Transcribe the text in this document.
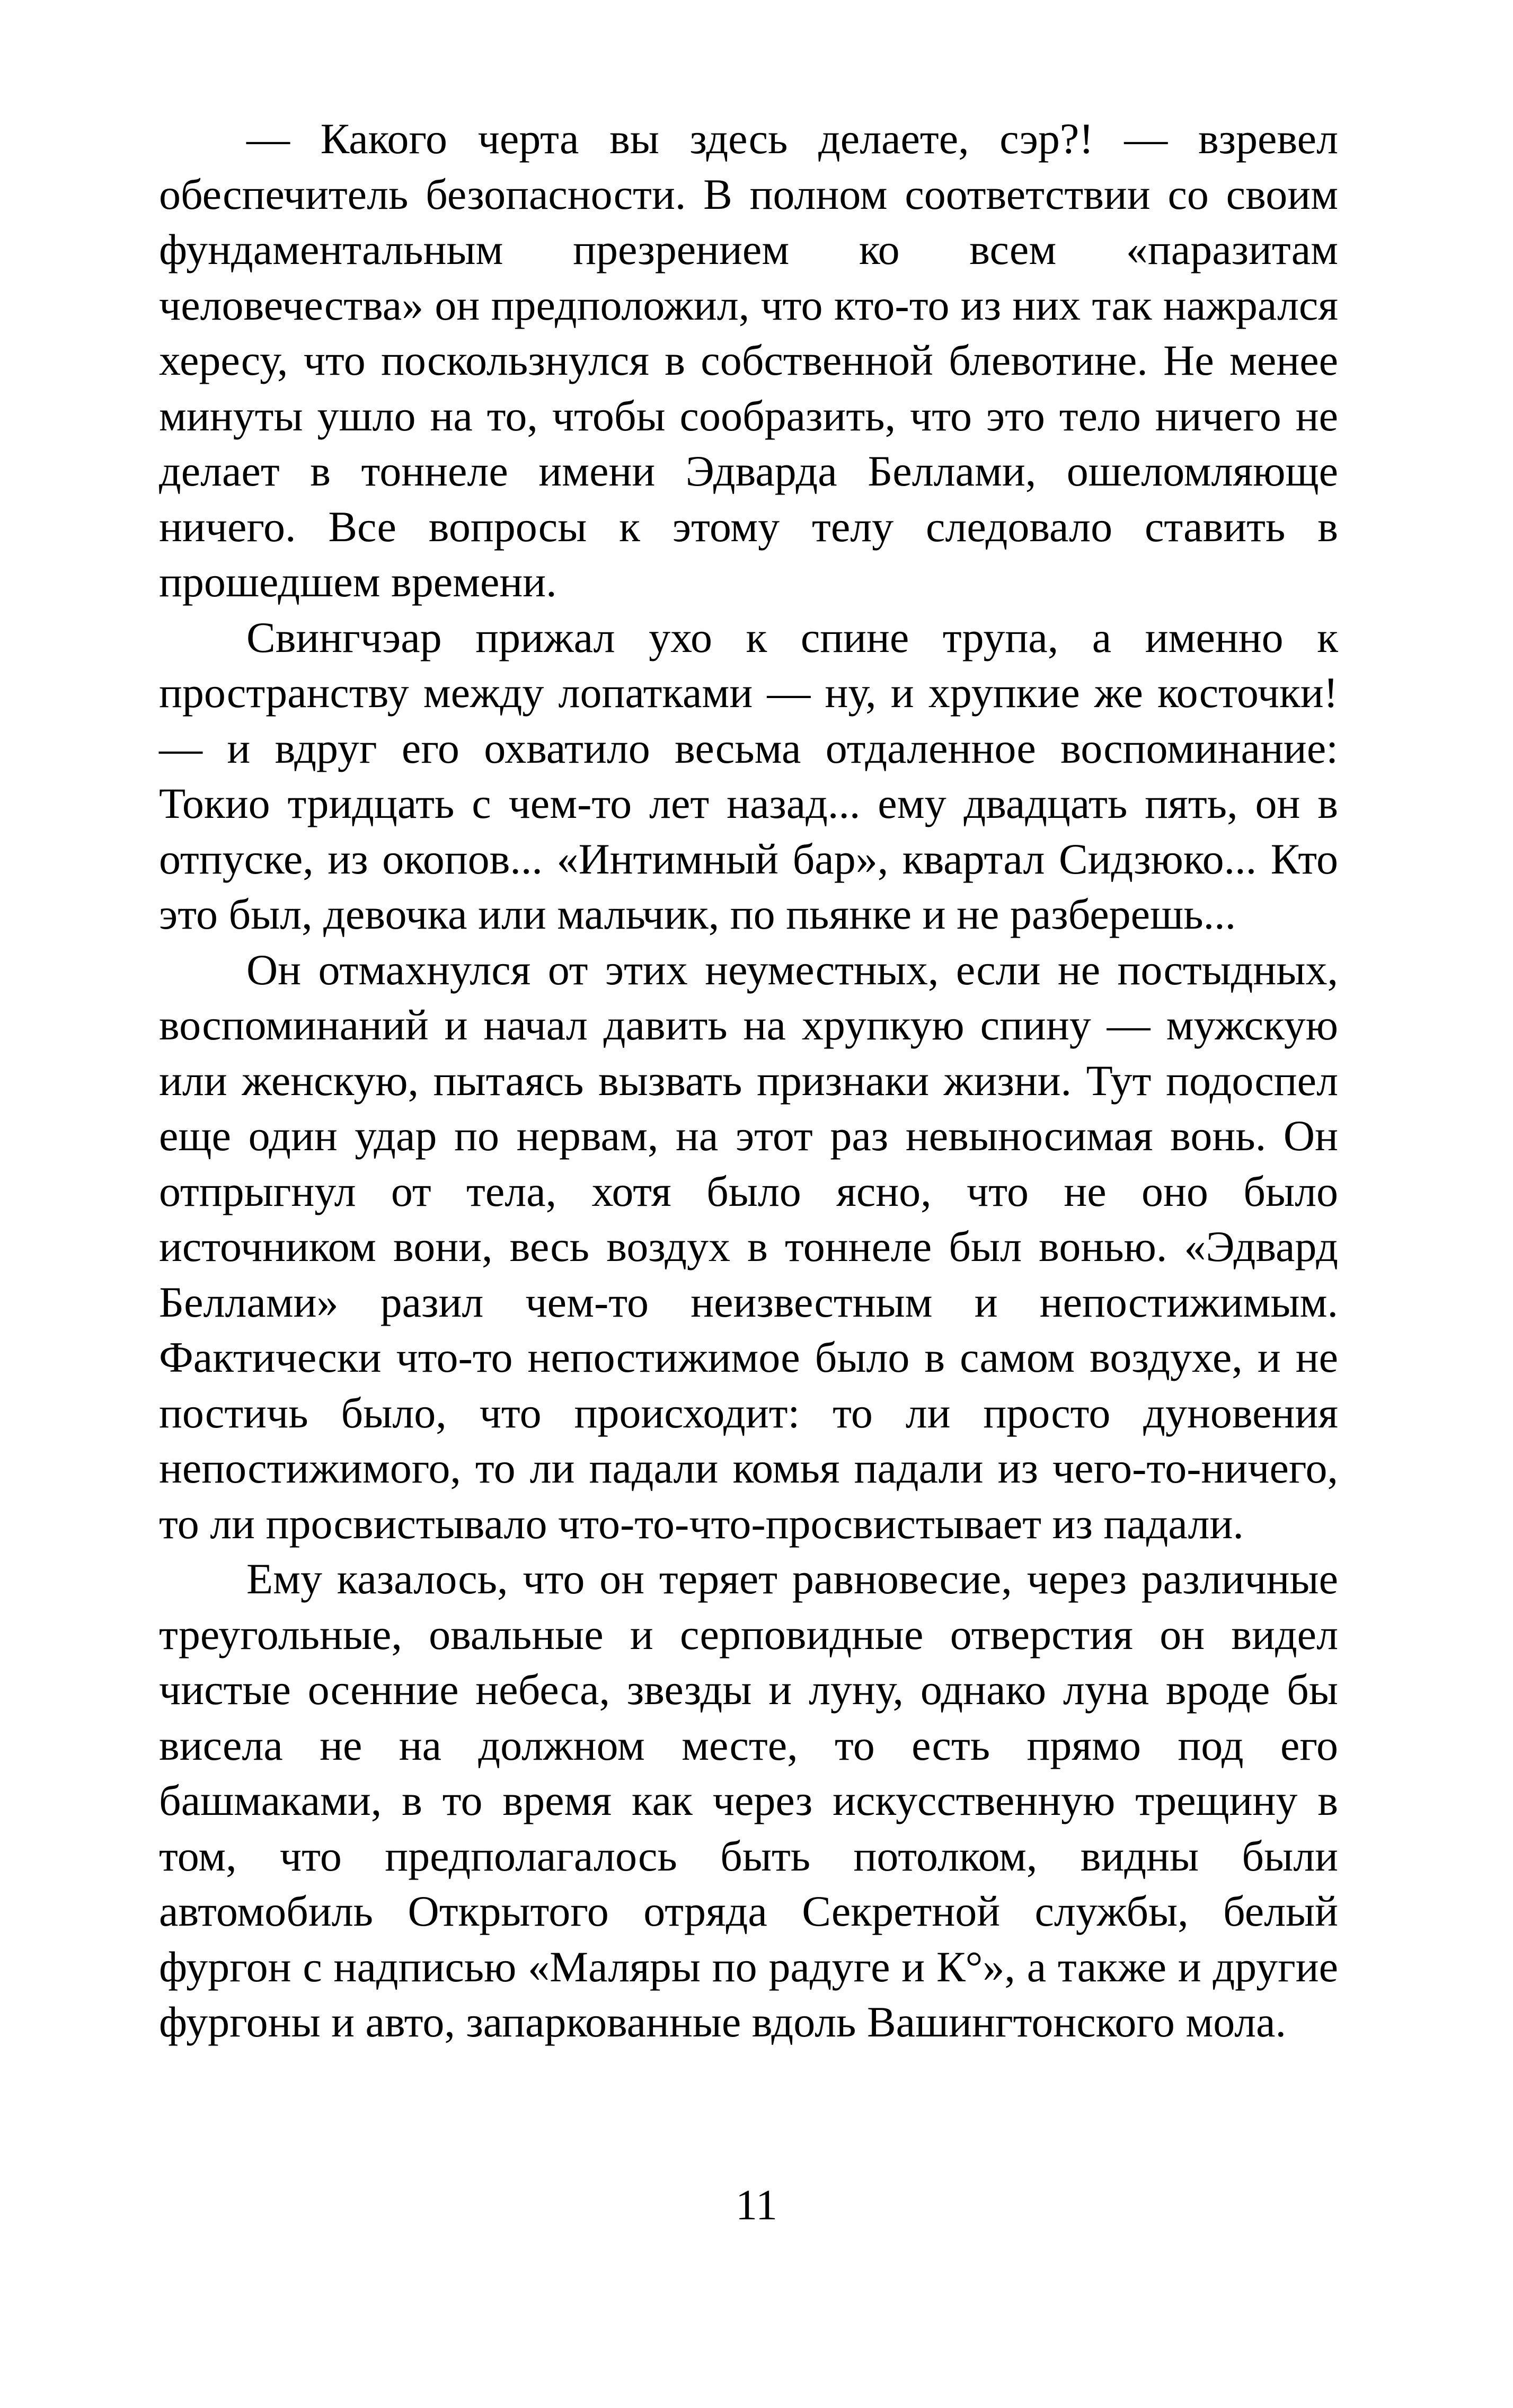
— Какого черта вы здесь делаете, сэр?! — взревел обеспечитель безопасности. В полном соответствии со своим фундаментальным презрением ко всем «паразитам человечества» он предположил, что кто-то из них так нажрался хересу, что поскользнулся в собственной блевотине. Не менее минуты ушло на то, чтобы сообразить, что это тело ничего не делает в тоннеле имени Эдварда Беллами, ошеломляюще ничего. Все вопросы к этому телу следовало ставить в прошедшем времени.

Свингчэар прижал ухо к спине трупа, а именно к пространству между лопатками — ну, и хрупкие же косточки! — и вдруг его охватило весьма отдаленное воспоминание: Токио тридцать с чем-то лет назад... ему двадцать пять, он в отпуске, из окопов... «Интимный бар», квартал Сидзюко... Кто это был, девочка или мальчик, по пьянке и не разберешь...

Он отмахнулся от этих неуместных, если не постыдных, воспоминаний и начал давить на хрупкую спину — мужскую или женскую, пытаясь вызвать признаки жизни. Тут подоспел еще один удар по нервам, на этот раз невыносимая вонь. Он отпрыгнул от тела, хотя было ясно, что не оно было источником вони, весь воздух в тоннеле был вонью. «Эдвард Беллами» разил чем-то неизвестным и непостижимым. Фактически что-то непостижимое было в самом воздухе, и не постичь было, что происходит: то ли просто дуновения непостижимого, то ли падали комья падали из чего-то-ничего, то ли просвистывало что-то-что-просвистывает из падали.

Ему казалось, что он теряет равновесие, через различные треугольные, овальные и серповидные отверстия он видел чистые осенние небеса, звезды и луну, однако луна вроде бы висела не на должном месте, то есть прямо под его башмаками, в то время как через искусственную трещину в том, что предполагалось быть потолком, видны были автомобиль Открытого отряда Секретной службы, белый фургон с надписью «Маляры по радуге и К°», а также и другие фургоны и авто, запаркованные вдоль Вашингтонского мола.

11
